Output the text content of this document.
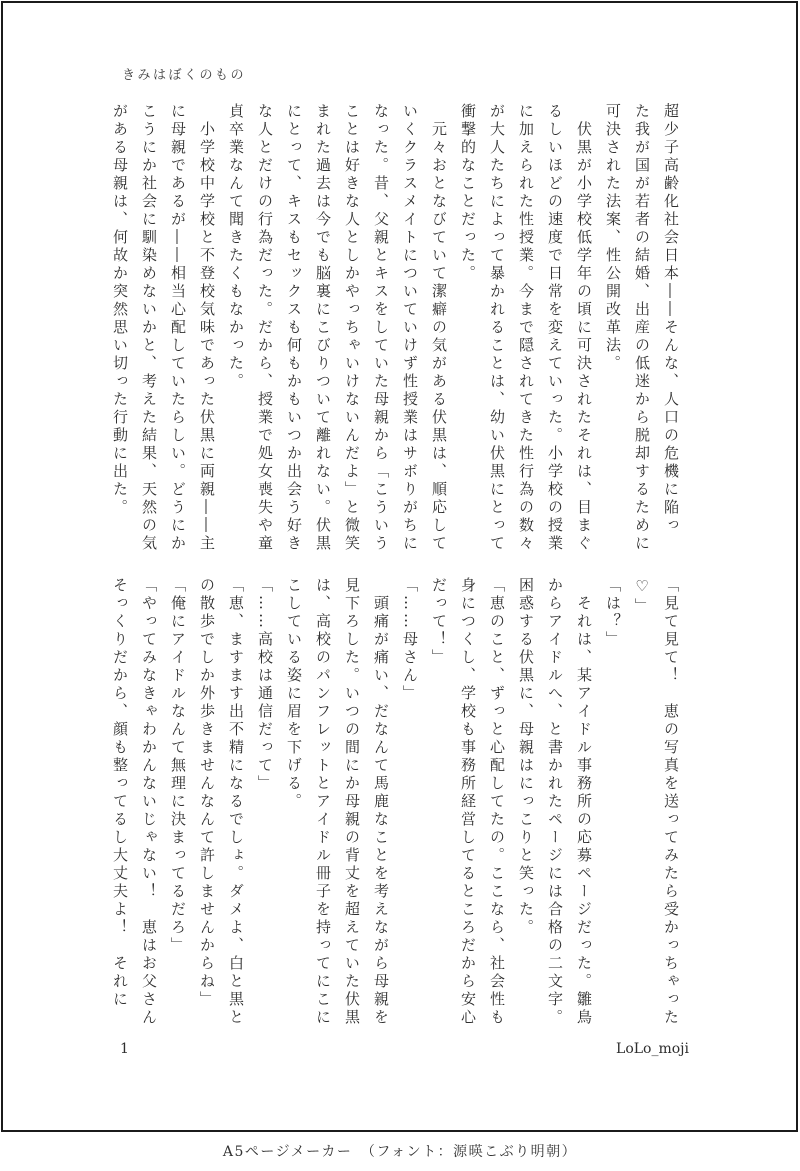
きみはぼくのもの
超少子高齢化社会日本――そんな、人口の危機に陥っ
た我が国が若者の結婚、出産の低迷から脱却するために
可決された法案、性公開改革法。
　伏黒が小学校低学年の頃に可決されたそれは、目まぐ
るしいほどの速度で日常を変えていった。小学校の授業
に加えられた性授業。今まで隠されてきた性行為の数々
が大人たちによって暴かれることは、幼い伏黒にとって
衝撃的なことだった。
　元々おとなびていて潔癖の気がある伏黒は、順応して
いくクラスメイトについていけず性授業はサボりがちに
なった。昔、父親とキスをしていた母親から「こういう
ことは好きな人としかやっちゃいけないんだよ」と微笑
まれた過去は今でも脳裏にこびりついて離れない。伏黒
にとって、キスもセックスも何もかもいつか出会う好き
な人とだけの行為だった。だから、授業で処女喪失や童
貞卒業なんて聞きたくもなかった。
　小学校中学校と不登校気味であった伏黒に両親――主
に母親であるが――相当心配していたらしい。どうにか
こうにか社会に馴染めないかと、考えた結果、天然の気
がある母親は、何故か突然思い切った行動に出た。
「見て見て！　恵の写真を送ってみたら受かっちゃった
♡」
「は？」
　それは、某アイドル事務所の応募ページだった。雛鳥
からアイドルへ、と書かれたページには合格の二文字。
困惑する伏黒に、母親はにっこりと笑った。
「恵のこと、ずっと心配してたの。ここなら、社会性も
身につくし、学校も事務所経営してるところだから安心
だって！」
「……母さん」
　頭痛が痛い、だなんて馬鹿なことを考えながら母親を
見下ろした。いつの間にか母親の背丈を超えていた伏黒
は、高校のパンフレットとアイドル冊子を持ってにこに
こしている姿に眉を下げる。
「……高校は通信だって」
「恵、ますます出不精になるでしょ。ダメよ、白と黒と
の散歩でしか外歩きませんなんて許しませんからね」
「俺にアイドルなんて無理に決まってるだろ」
「やってみなきゃわかんないじゃない！　恵はお父さん
そっくりだから、顔も整ってるし大丈夫よ！　それに
1	LoLo_moji
A5ページメーカー　（フォント：源暎こぶり明朝）
